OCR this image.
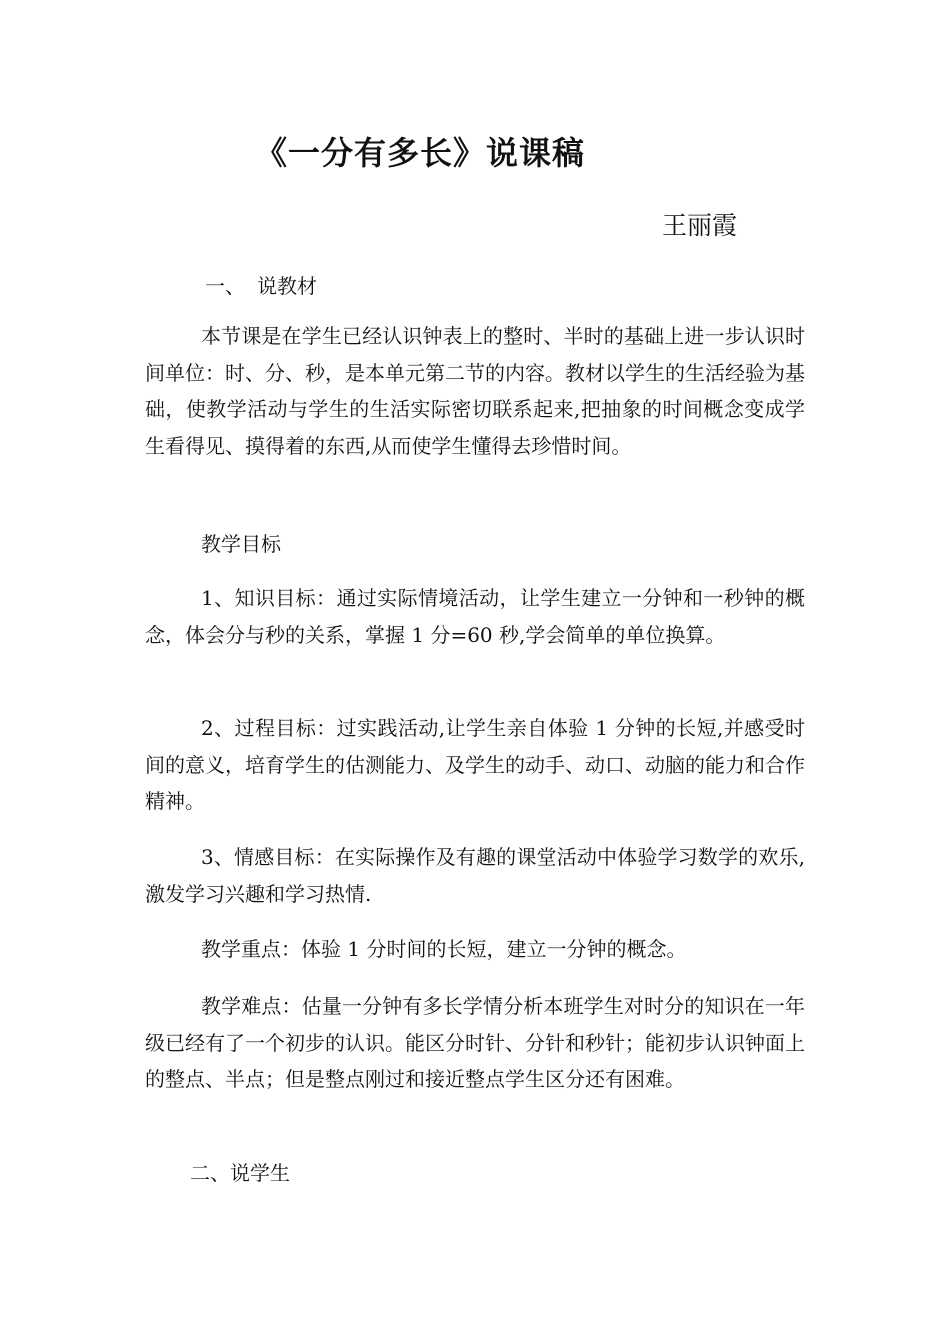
《一分有多长》说课稿
王丽霞
一、 说教材

本节课是在学生已经认识钟表上的整时、半时的基础上进一步认识时间单位：时、分、秒，是本单元第二节的内容。教材以学生的生活经验为基础，使教学活动与学生的生活实际密切联系起来,把抽象的时间概念变成学生看得见、摸得着的东西,从而使学生懂得去珍惜时间。

教学目标

1、知识目标：通过实际情境活动，让学生建立一分钟和一秒钟的概念，体会分与秒的关系，掌握 1 分=60 秒,学会简单的单位换算。

2、过程目标：过实践活动,让学生亲自体验 1 分钟的长短,并感受时间的意义，培育学生的估测能力、及学生的动手、动口、动脑的能力和合作精神。

3、情感目标：在实际操作及有趣的课堂活动中体验学习数学的欢乐,激发学习兴趣和学习热情.

教学重点：体验 1 分时间的长短，建立一分钟的概念。

教学难点：估量一分钟有多长学情分析本班学生对时分的知识在一年级已经有了一个初步的认识。能区分时针、分针和秒针；能初步认识钟面上的整点、半点；但是整点刚过和接近整点学生区分还有困难。

二、说学生
